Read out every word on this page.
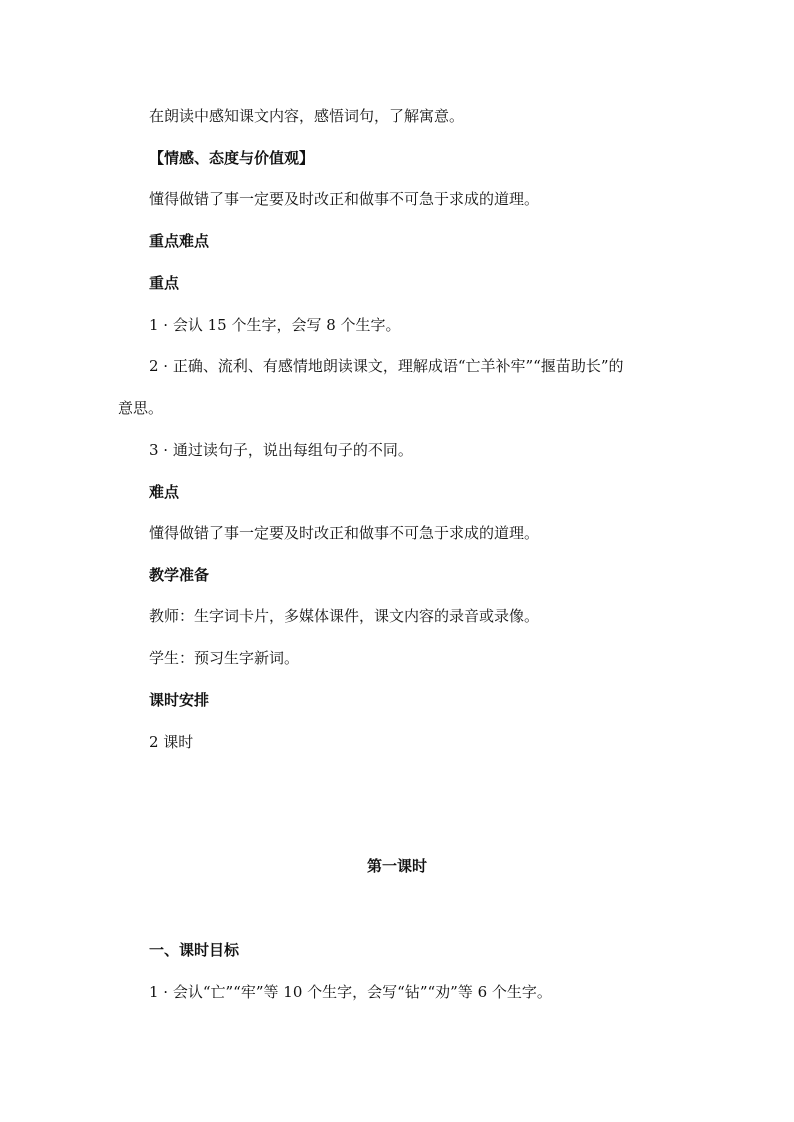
在朗读中感知课文内容，感悟词句，了解寓意。
【情感、态度与价值观】
懂得做错了事一定要及时改正和做事不可急于求成的道理。
重点难点
重点
1 · 会认 15 个生字，会写 8 个生字。
2 · 正确、流利、有感情地朗读课文，理解成语“亡羊补牢”“揠苗助长”的
意思。
3 · 通过读句子，说出每组句子的不同。
难点
懂得做错了事一定要及时改正和做事不可急于求成的道理。
教学准备
教师：生字词卡片，多媒体课件，课文内容的录音或录像。
学生：预习生字新词。
课时安排
2 课时
第一课时
一、课时目标
1 · 会认“亡”“牢”等 10 个生字，会写“钻”“劝”等 6 个生字。
